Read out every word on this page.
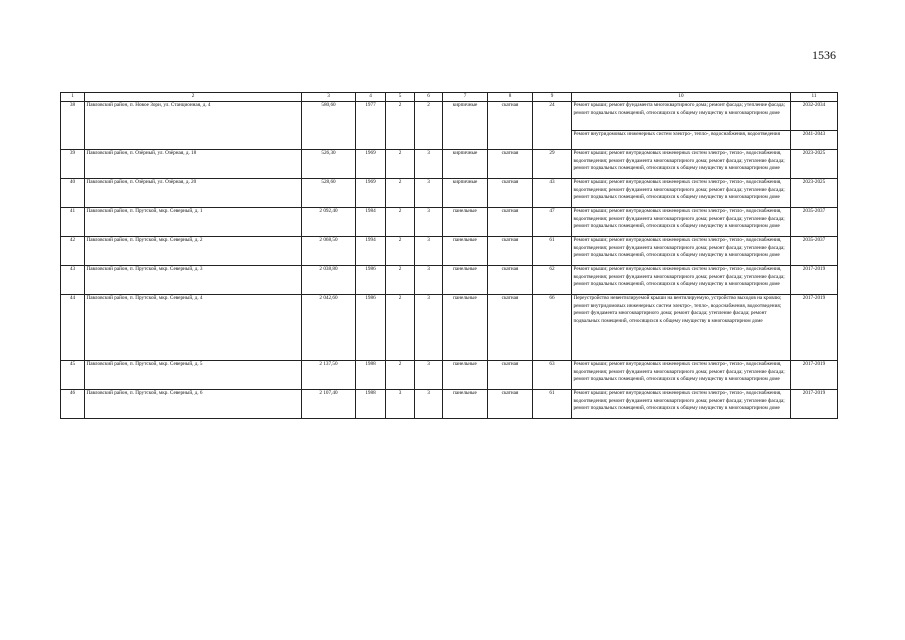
1536
1	2	3	4	5	6	7	8	9	10	11
38	Павловский район, п. Новое Зори, ул. Станционная, д. 4	580,60	1977	2	2	кирпичные	скатная	24	Ремонт крыши; ремонт фундамента многоквартирного дома; ремонт фасада; утепление фасада; ремонт подвальных помещений, относящихся к общему имуществу в многоквартирном доме	2032-2034
									Ремонт внутридомовых инженерных систем электро-, тепло-, водоснабжения, водоотведения	2041-2043
39	Павловский район, п. Озёрный, ул. Озёрная, д. 18	526,30	1969	2	3	кирпичные	скатная	29	Ремонт крыши; ремонт внутридомовых инженерных систем электро-, тепло-, водоснабжения, водоотведения; ремонт фундамента многоквартирного дома; ремонт фасада; утепление фасада; ремонт подвальных помещений, относящихся к общему имуществу в многоквартирном доме	2023-2025
40	Павловский район, п. Озёрный, ул. Озёрная, д. 20	528,60	1969	2	3	кирпичные	скатная	43	Ремонт крыши; ремонт внутридомовых инженерных систем электро-, тепло-, водоснабжения, водоотведения; ремонт фундамента многоквартирного дома; ремонт фасада; утепление фасада; ремонт подвальных помещений, относящихся к общему имуществу в многоквартирном доме	2023-2025
41	Павловский район, п. Прутской, мкр. Северный, д. 1	2 092,40	1984	2	3	панельные	скатная	47	Ремонт крыши; ремонт внутридомовых инженерных систем электро-, тепло-, водоснабжения, водоотведения; ремонт фундамента многоквартирного дома; ремонт фасада; утепление фасада; ремонт подвальных помещений, относящихся к общему имуществу в многоквартирном доме	2035-2037
42	Павловский район, п. Прутской, мкр. Северный, д. 2	2 068,50	1994	2	3	панельные	скатная	61	Ремонт крыши; ремонт внутридомовых инженерных систем электро-, тепло-, водоснабжения, водоотведения; ремонт фундамента многоквартирного дома; ремонт фасада; утепление фасада; ремонт подвальных помещений, относящихся к общему имуществу в многоквартирном доме	2035-2037
43	Павловский район, п. Прутской, мкр. Северный, д. 3	2 038,80	1986	2	3	панельные	скатная	62	Ремонт крыши; ремонт внутридомовых инженерных систем электро-, тепло-, водоснабжения, водоотведения; ремонт фундамента многоквартирного дома; ремонт фасада; утепление фасада; ремонт подвальных помещений, относящихся к общему имуществу в многоквартирном доме	2017-2019
44	Павловский район, п. Прутской, мкр. Северный, д. 4	2 042,60	1986	2	3	панельные	скатная	66	Переустройство невентилируемой крыши на вентилируемую, устройство выходов на кровлю; ремонт внутридомовых инженерных систем электро-, тепло-, водоснабжения, водоотведения; ремонт фундамента многоквартирного дома; ремонт фасада; утепление фасада; ремонт подвальных помещений, относящихся к общему имуществу в многоквартирном доме	2017-2019
45	Павловский район, п. Прутской, мкр. Северный, д. 5	2 137,50	1988	2	3	панельные	скатная	63	Ремонт крыши; ремонт внутридомовых инженерных систем электро-, тепло-, водоснабжения, водоотведения; ремонт фундамента многоквартирного дома; ремонт фасада; утепление фасада; ремонт подвальных помещений, относящихся к общему имуществу в многоквартирном доме	2017-2019
46	Павловский район, п. Прутской, мкр. Северный, д. 6	2 107,40	1988	3	3	панельные	скатная	61	Ремонт крыши; ремонт внутридомовых инженерных систем электро-, тепло-, водоснабжения, водоотведения; ремонт фундамента многоквартирного дома; ремонт фасада; утепление фасада; ремонт подвальных помещений, относящихся к общему имуществу в многоквартирном доме	2017-2019
